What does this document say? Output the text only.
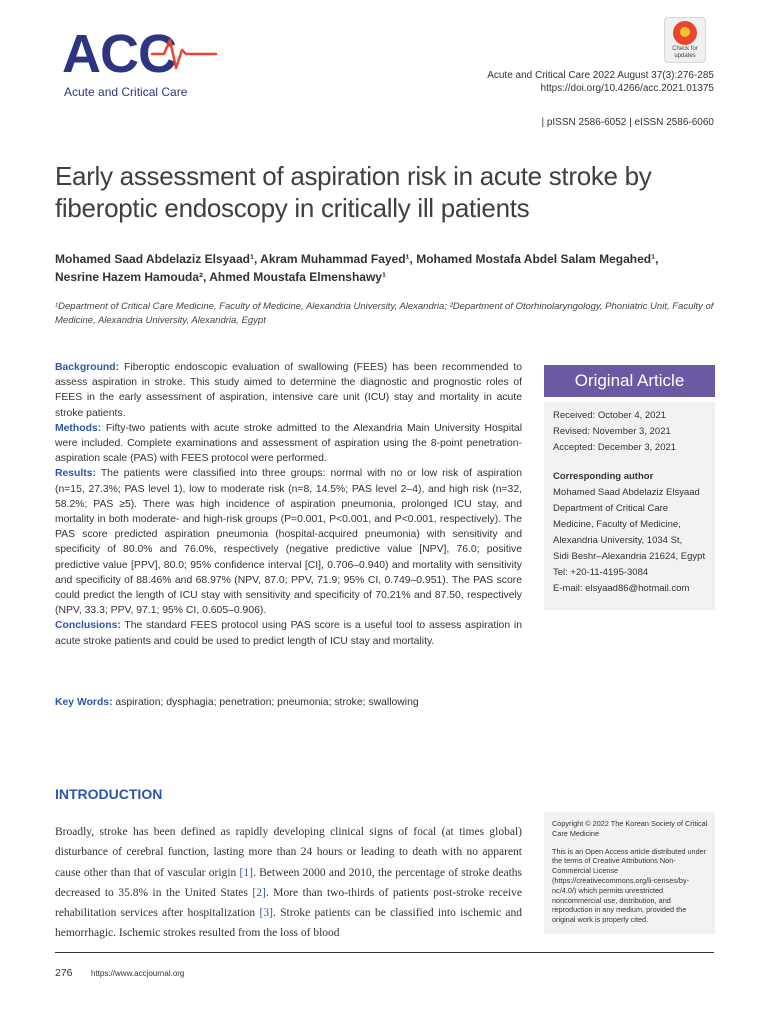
ACC
Acute and Critical Care
Check for updates
Acute and Critical Care 2022 August 37(3):276-285
https://doi.org/10.4266/acc.2021.01375
| pISSN 2586-6052 | eISSN 2586-6060
Early assessment of aspiration risk in acute stroke by fiberoptic endoscopy in critically ill patients
Mohamed Saad Abdelaziz Elsyaad¹, Akram Muhammad Fayed¹, Mohamed Mostafa Abdel Salam Megahed¹,
Nesrine Hazem Hamouda², Ahmed Moustafa Elmenshawy¹
¹Department of Critical Care Medicine, Faculty of Medicine, Alexandria University, Alexandria; ²Department of Otorhinolaryngology, Phoniatric Unit, Faculty of Medicine, Alexandria University, Alexandria, Egypt

Background: Fiberoptic endoscopic evaluation of swallowing (FEES) has been recommended to assess aspiration in stroke. This study aimed to determine the diagnostic and prognostic roles of FEES in the early assessment of aspiration, intensive care unit (ICU) stay and mortality in acute stroke patients.

Methods: Fifty-two patients with acute stroke admitted to the Alexandria Main University Hospital were included. Complete examinations and assessment of aspiration using the 8-point penetration-aspiration scale (PAS) with FEES protocol were performed.

Results: The patients were classified into three groups: normal with no or low risk of aspiration (n=15, 27.3%; PAS level 1), low to moderate risk (n=8, 14.5%; PAS level 2–4), and high risk (n=32, 58.2%; PAS ≥5). There was high incidence of aspiration pneumonia, prolonged ICU stay, and mortality in both moderate- and high-risk groups (P=0.001, P<0.001, and P<0.001, respectively). The PAS score predicted aspiration pneumonia (hospital-acquired pneumonia) with sensitivity and specificity of 80.0% and 76.0%, respectively (negative predictive value [NPV], 76.0; positive predictive value [PPV], 80.0; 95% confidence interval [CI], 0.706–0.940) and mortality with sensitivity and specificity of 88.46% and 68.97% (NPV, 87.0; PPV, 71.9; 95% CI, 0.749–0.951). The PAS score could predict the length of ICU stay with sensitivity and specificity of 70.21% and 87.50, respectively (NPV, 33.3; PPV, 97.1; 95% CI, 0.605–0.906).

Conclusions: The standard FEES protocol using PAS score is a useful tool to assess aspiration in acute stroke patients and could be used to predict length of ICU stay and mortality.

Key Words: aspiration; dysphagia; penetration; pneumonia; stroke; swallowing
Original Article
Received: October 4, 2021
Revised: November 3, 2021
Accepted: December 3, 2021
Corresponding author
Mohamed Saad Abdelaziz Elsyaad
Department of Critical Care
Medicine, Faculty of Medicine,
Alexandria University, 1034 St,
Sidi Beshr–Alexandria 21624, Egypt
Tel: +20-11-4195-3084
E-mail: elsyaad86@hotmail.com
Copyright © 2022 The Korean Society of Critical Care Medicine
This is an Open Access article distributed under the terms of Creative Attributions Non-Commercial License (https://creativecommons.org/li-censes/by-nc/4.0/) which permits unrestricted noncommercial use, distribution, and reproduction in any medium, provided the original work is properly cited.
INTRODUCTION
Broadly, stroke has been defined as rapidly developing clinical signs of focal (at times global) disturbance of cerebral function, lasting more than 24 hours or leading to death with no apparent cause other than that of vascular origin [1]. Between 2000 and 2010, the percentage of stroke deaths decreased to 35.8% in the United States [2]. More than two-thirds of patients post-stroke receive rehabilitation services after hospitalization [3]. Stroke patients can be classified into ischemic and hemorrhagic. Ischemic strokes resulted from the loss of blood
276 https://www.accjournal.org
